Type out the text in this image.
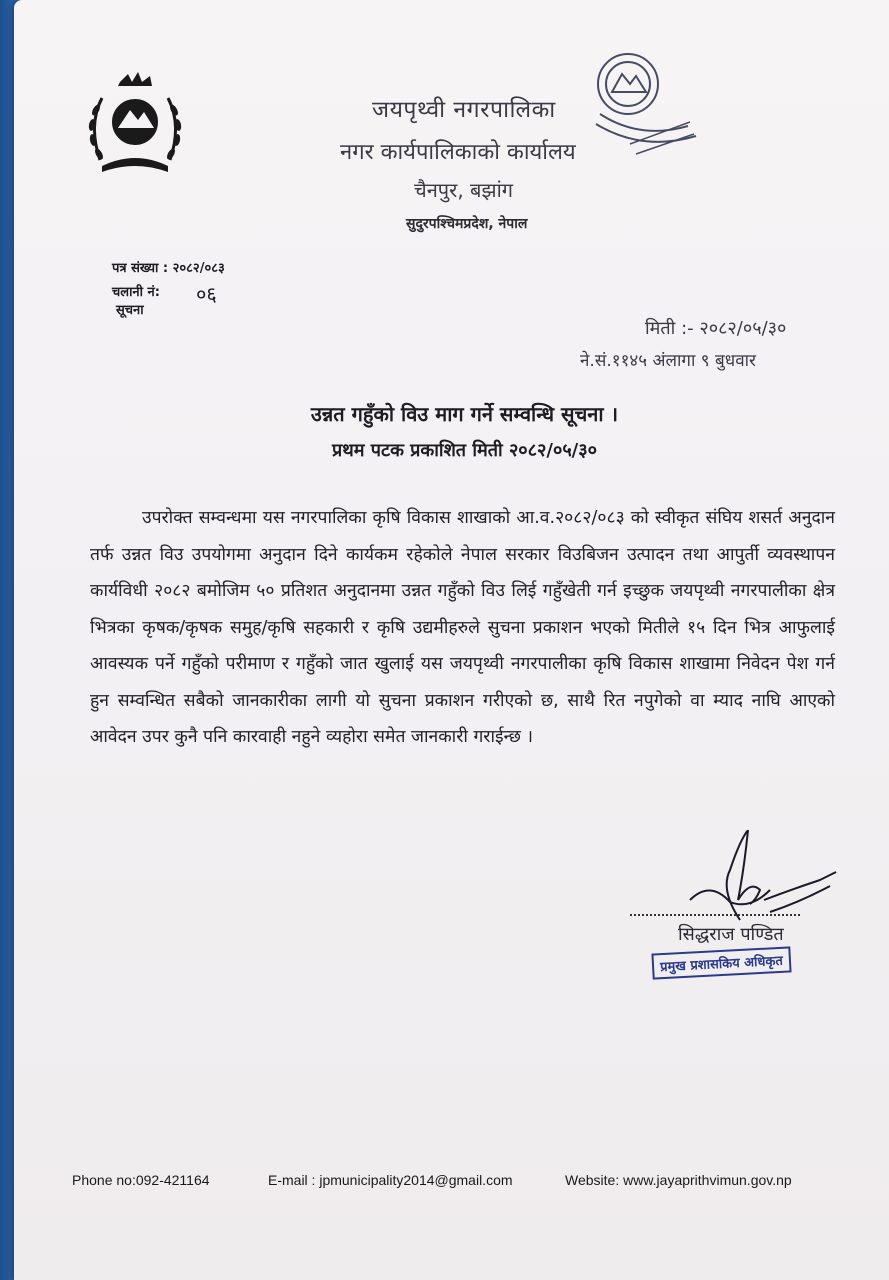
जयपृथ्वी नगरपालिका
नगर कार्यपालिकाको कार्यालय
चैनपुर, बझांग
सुदुरपश्चिमप्रदेश, नेपाल
पत्र संख्या : २०८२/०८३
चलानी नं: ०६
सूचना
मिती :- २०८२/०५/३०
ने.सं.११४५ अंलागा ९ बुधवार
उन्नत गहुँको विउ माग गर्ने सम्वन्धि सूचना ।
प्रथम पटक प्रकाशित मिती २०८२/०५/३०
उपरोक्त सम्वन्धमा यस नगरपालिका कृषि विकास शाखाको आ.व.२०८२/०८३ को स्वीकृत संघिय शसर्त अनुदान तर्फ उन्नत विउ उपयोगमा अनुदान दिने कार्यकम रहेकोले नेपाल सरकार विउबिजन उत्पादन तथा आपुर्ती व्यवस्थापन कार्यविधी २०८२ बमोजिम ५० प्रतिशत अनुदानमा उन्नत गहुँको विउ लिई गहुँखेती गर्न इच्छुक जयपृथ्वी नगरपालीका क्षेत्र भित्रका कृषक/कृषक समुह/कृषि सहकारी र कृषि उद्यमीहरुले सुचना प्रकाशन भएको मितीले १५ दिन भित्र आफुलाई आवस्यक पर्ने गहुँको परीमाण र गहुँको जात खुलाई यस जयपृथ्वी नगरपालीका कृषि विकास शाखामा निवेदन पेश गर्न हुन सम्वन्धित सबैको जानकारीका लागी यो सुचना प्रकाशन गरीएको छ, साथै रित नपुगेको वा म्याद नाघि आएको आवेदन उपर कुनै पनि कारवाही नहुने व्यहोरा समेत जानकारी गराईन्छ ।
सिद्धराज पण्डित
प्रमुख प्रशासकिय अधिकृत
Phone no:092-421164	E-mail : jpmunicipality2014@gmail.com	Website: www.jayaprithvimun.gov.np
